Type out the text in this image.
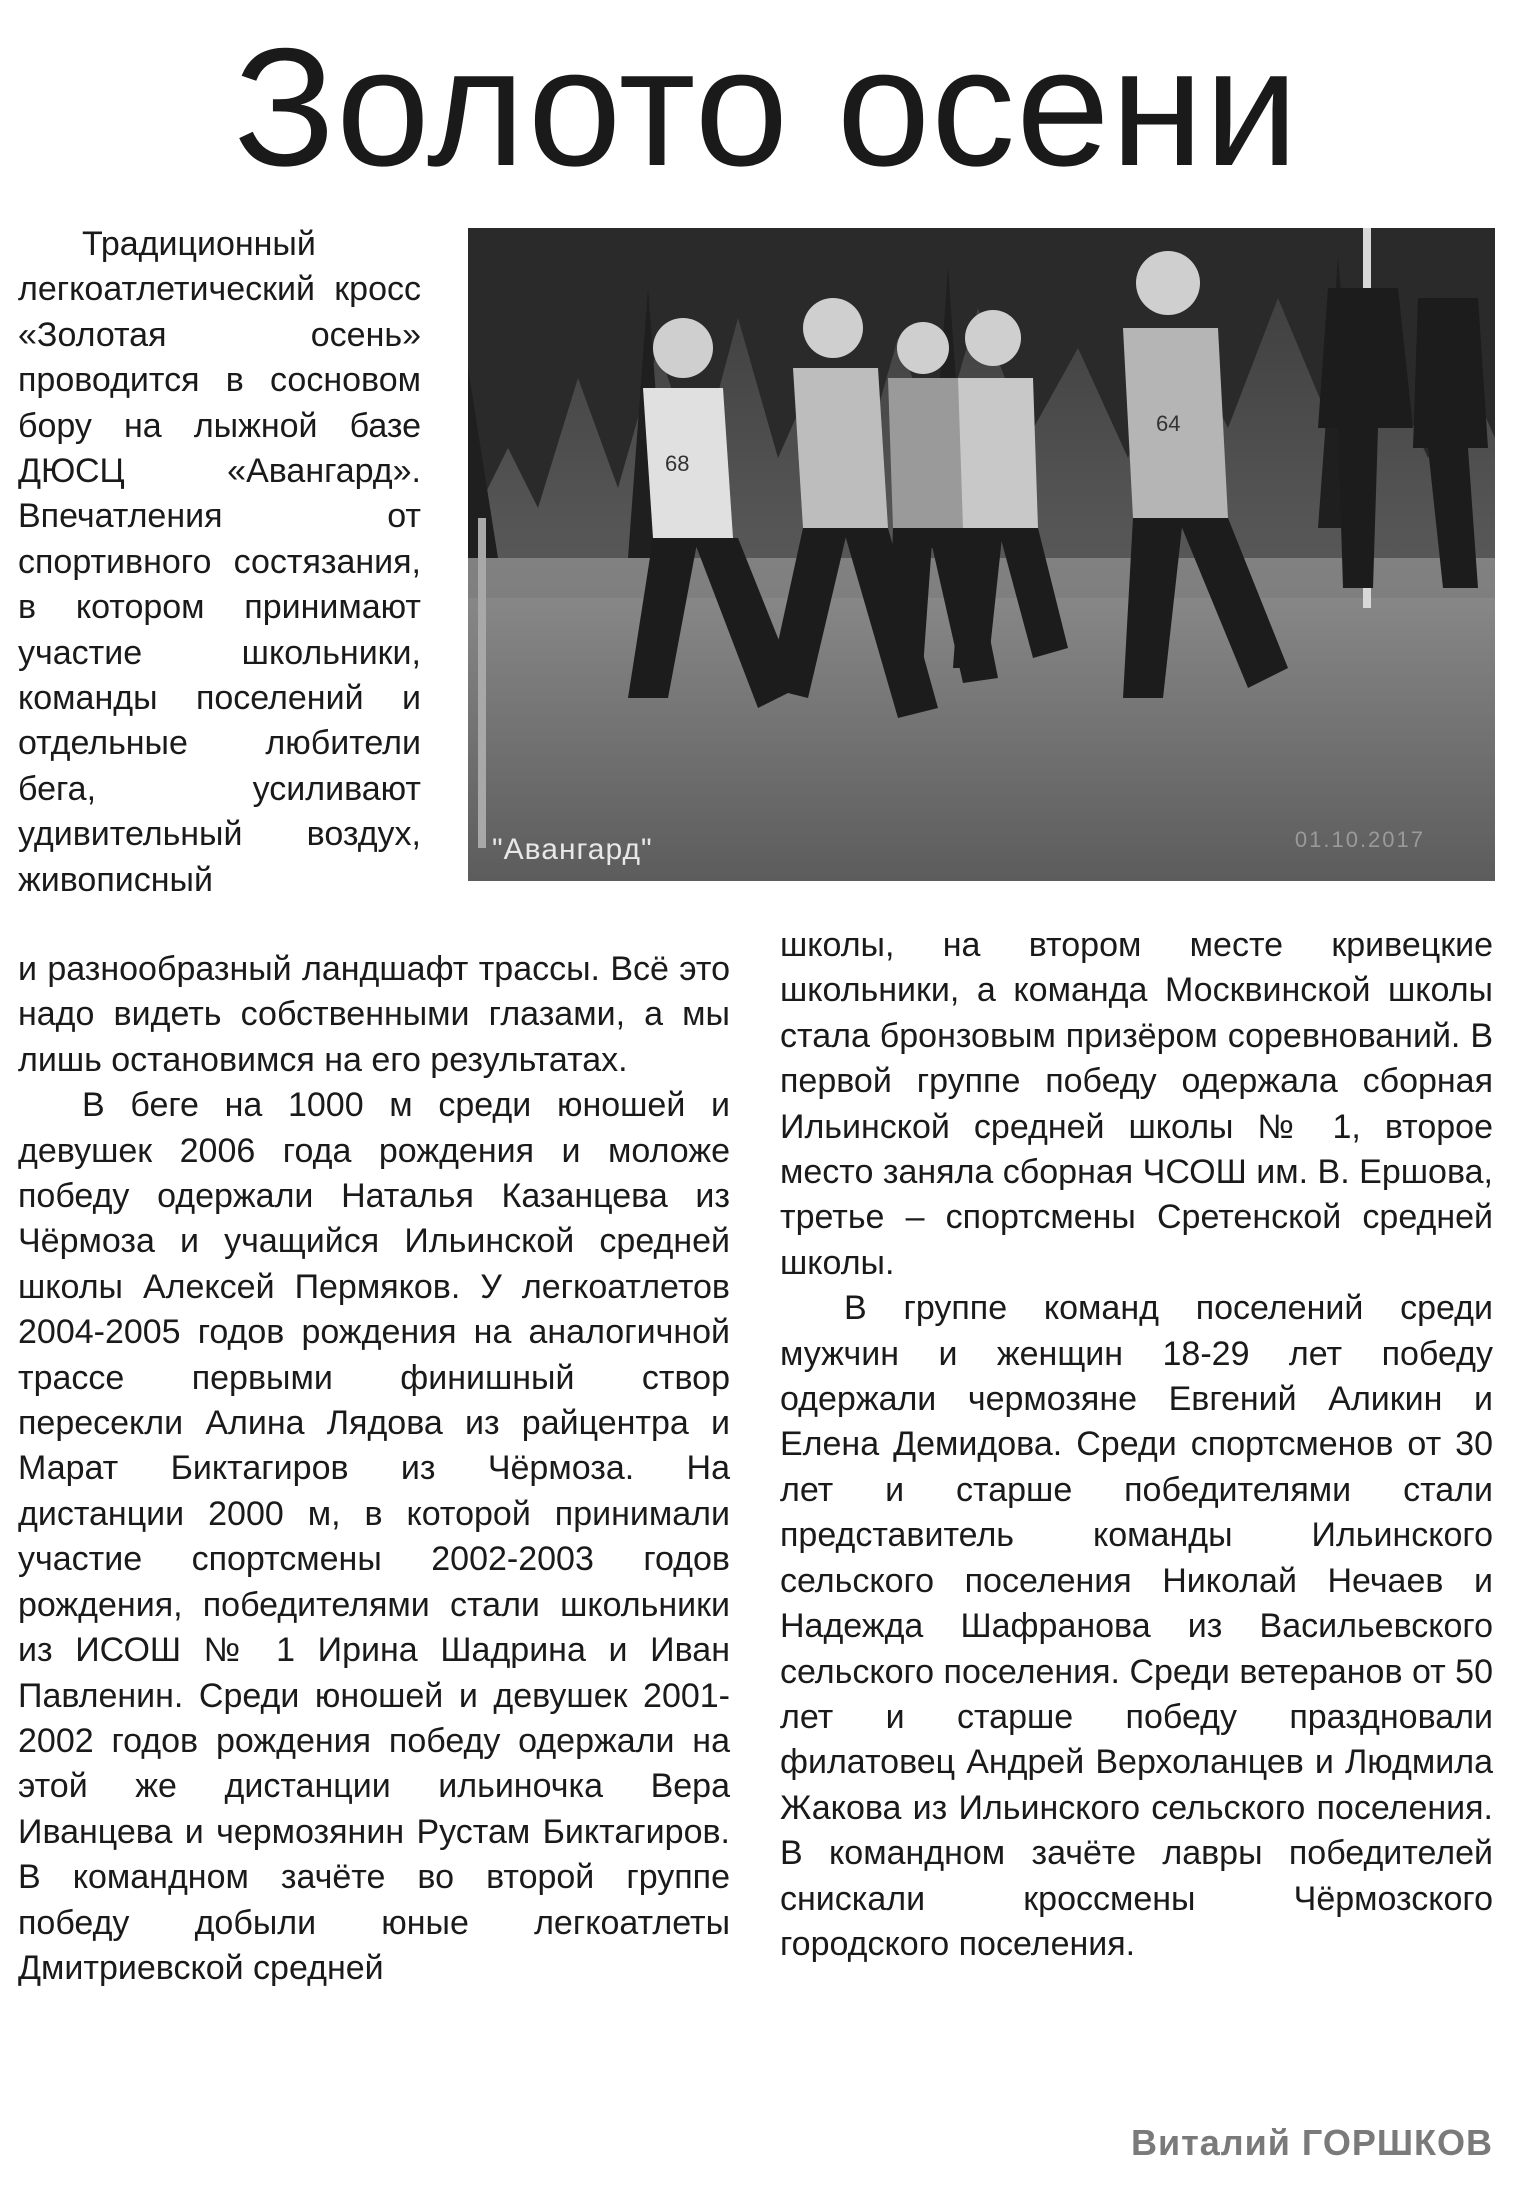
Золото осени
68
64
"Авангард"	01.10.2017

Традиционный легкоатлетический кросс «Золотая осень» проводится в сосновом бору на лыжной базе ДЮСЦ «Авангард». Впечатления от спортивного состязания, в котором принимают участие школьники, команды поселений и отдельные любители бега, усиливают удивительный воздух, живописный

и разнообразный ландшафт трассы. Всё это надо видеть собственными глазами, а мы лишь остановимся на его результатах.

В беге на 1000 м среди юношей и девушек 2006 года рождения и моложе победу одержали Наталья Казанцева из Чёрмоза и учащийся Ильинской средней школы Алексей Пермяков. У легкоатлетов 2004-2005 годов рождения на аналогичной трассе первыми финишный створ пересекли Алина Лядова из райцентра и Марат Биктагиров из Чёрмоза. На дистанции 2000 м, в которой принимали участие спортсмены 2002-2003 годов рождения, победителями стали школьники из ИСОШ № 1 Ирина Шадрина и Иван Павленин. Среди юношей и девушек 2001-2002 годов рождения победу одержали на этой же дистанции ильиночка Вера Иванцева и чермозянин Рустам Биктагиров. В командном зачёте во второй группе победу добыли юные легкоатлеты Дмитриевской средней

школы, на втором месте кривецкие школьники, а команда Москвинской школы стала бронзовым призёром соревнований. В первой группе победу одержала сборная Ильинской средней школы № 1, второе место заняла сборная ЧСОШ им. В. Ершова, третье – спортсмены Сретенской средней школы.

В группе команд поселений среди мужчин и женщин 18-29 лет победу одержали чермозяне Евгений Аликин и Елена Демидова. Среди спортсменов от 30 лет и старше победителями стали представитель команды Ильинского сельского поселения Николай Нечаев и Надежда Шафранова из Васильевского сельского поселения. Среди ветеранов от 50 лет и старше победу праздновали филатовец Андрей Верхоланцев и Людмила Жакова из Ильинского сельского поселения. В командном зачёте лавры победителей снискали кроссмены Чёрмозского городского поселения.

Виталий ГОРШКОВ
